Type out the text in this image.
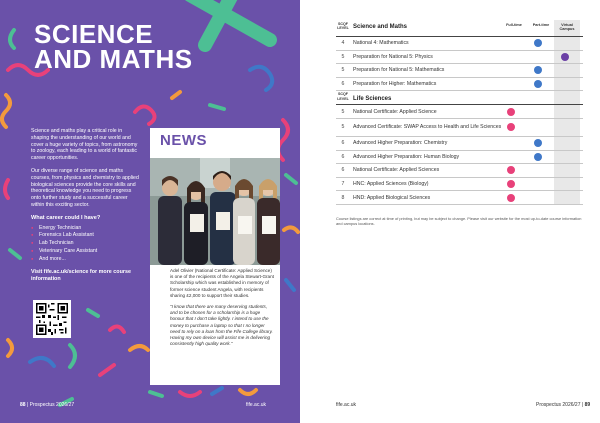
SCIENCE
AND MATHS

Science and maths play a critical role in shaping the understanding of our world and cover a huge variety of topics, from astronomy to zoology, each leading to a world of fantastic career opportunities.

Our diverse range of science and maths courses, from physics and chemistry to applied biological sciences provide the core skills and theoretical knowledge you need to progress onto further study and a successful career within this exciting sector.

What career could I have?
● Energy Technician
● Forensics Lab Assistant
● Lab Technician
● Veterinary Care Assistant
● And more...
Visit fife.ac.uk/science for more course information
NEWS

Adel Olivier (National Certificate: Applied Science) is one of the recipients of the Angela Stewart-Grant Scholarship which was established in memory of former science student Angela, with recipients sharing £2,000 to support their studies.

"I know that there are many deserving students, and to be chosen for a scholarship is a huge honour that I don't take lightly. I intend to use the money to purchase a laptop so that I no longer need to rely on a loan from the Fife College library. Having my own device will assist me in delivering consistently high quality work."

88 | Prospectus 2026/27	fife.ac.uk
SCQF LEVEL Science and Maths	Full-time	Part-time	Virtual Campus
4	National 4: Mathematics
5	Preparation for National 5: Physics
5	Preparation for National 5: Mathematics
6	Preparation for Higher: Mathematics
SCQF LEVEL Life Sciences
5	National Certificate: Applied Science
5	Advanced Certificate: SWAP Access to Health and Life Sciences
6	Advanced Higher Preparation: Chemistry
6	Advanced Higher Preparation: Human Biology
6	National Certificate: Applied Sciences
7	HNC: Applied Sciences (Biology)
8	HND: Applied Biological Sciences
Course listings are correct at time of printing, but may be subject to change. Please visit our website for the most up-to-date course information and campus locations.
fife.ac.uk	Prospectus 2026/27 | 89
